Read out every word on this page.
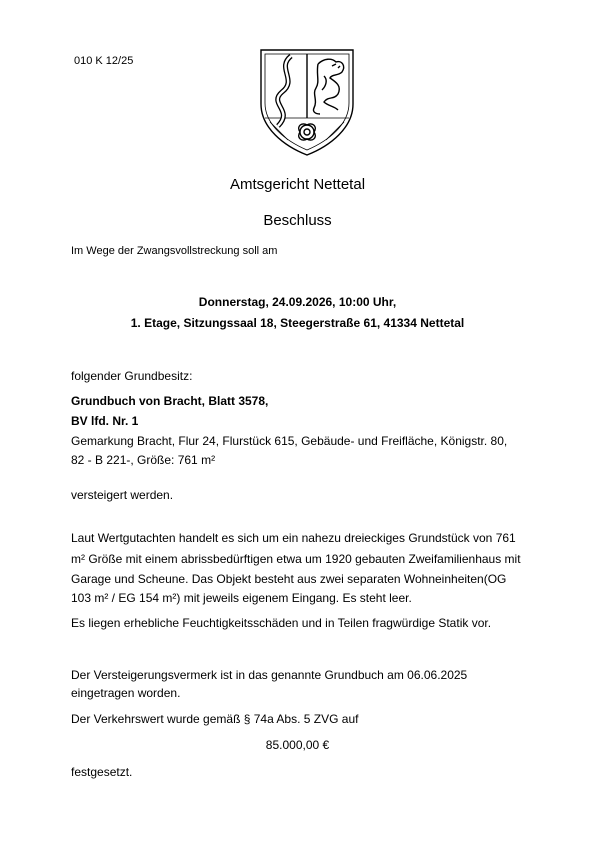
010 K 12/25
Amtsgericht Nettetal
Beschluss
Im Wege der Zwangsvollstreckung soll am
Donnerstag, 24.09.2026, 10:00 Uhr,
1. Etage, Sitzungssaal 18, Steegerstraße 61, 41334 Nettetal
folgender Grundbesitz:
Grundbuch von Bracht, Blatt 3578,
BV lfd. Nr. 1
Gemarkung Bracht, Flur 24, Flurstück 615, Gebäude- und Freifläche, Königstr. 80,
82 - B 221-, Größe: 761 m²
versteigert werden.
Laut Wertgutachten handelt es sich um ein nahezu dreieckiges Grundstück von 761
m² Größe mit einem abrissbedürftigen etwa um 1920 gebauten Zweifamilienhaus mit
Garage und Scheune. Das Objekt besteht aus zwei separaten Wohneinheiten(OG
103 m² / EG 154 m²) mit jeweils eigenem Eingang. Es steht leer.
Es liegen erhebliche Feuchtigkeitsschäden und in Teilen fragwürdige Statik vor.
Der Versteigerungsvermerk ist in das genannte Grundbuch am 06.06.2025
eingetragen worden.
Der Verkehrswert wurde gemäß § 74a Abs. 5 ZVG auf
85.000,00 €
festgesetzt.
